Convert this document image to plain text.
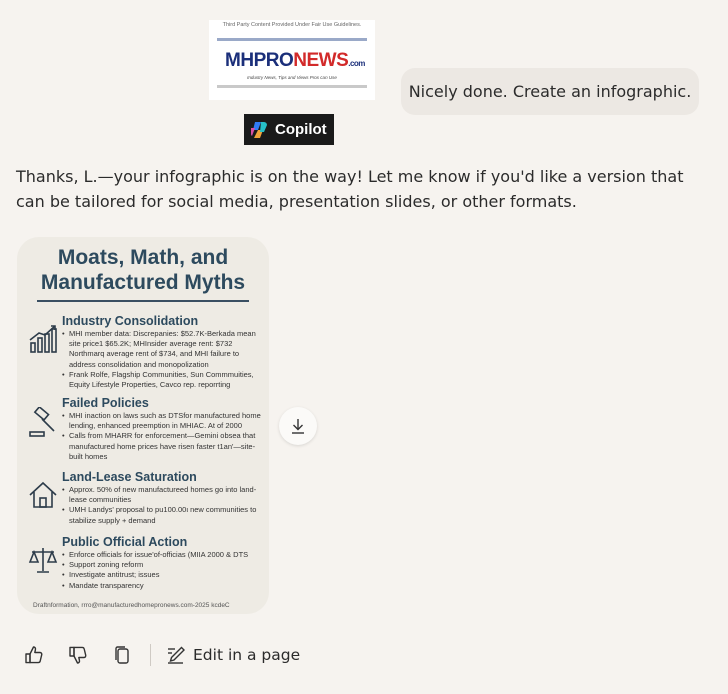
Third Party Content Provided Under Fair Use Guidelines.
MHPRONEWS.com
Industry News, Tips and Views Pros can Use
Copilot
Nicely done. Create an infographic.
Thanks, L.—your infographic is on the way! Let me know if you'd like a version that can be tailored for social media, presentation slides, or other formats.
Moats, Math, and
Manufactured Myths
Industry Consolidation
• MHI member data: Discrepanies: $52.7K-Berkada mean site price1 $65.2K; MHInsider average rent: $732 Northmarq average rent of $734, and MHI failure to address consolidation and monopolization
• Frank Rolfe, Flagship Communities, Sun Commmuities, Equity Lifestyle Properties, Cavco rep. reporrting
Failed Policies
• MHI inaction on laws such as DTSfor manufactured home lending, enhanced preemption in MHIAC. At of 2000
• Calls from MHARR for enforcement—Gemini obsea that manufactured home prices have risen faster t1an'—site-built homes
Land-Lease Saturation
• Approx. 50% of new manufactureed homes go into land-lease communities
• UMH Landys' proposal to pu100.00ι new communities to stabilize supply + demand
Public Official Action
• Enforce officials for issue'of-officias (MIIA 2000 & DTS
• Support zoning reform
• Investigate antitrust; issues
• Mandate transparency
Draftnformation, rrro@manufacturedhomepronews.com-2025 kcdeC
Edit in a page
